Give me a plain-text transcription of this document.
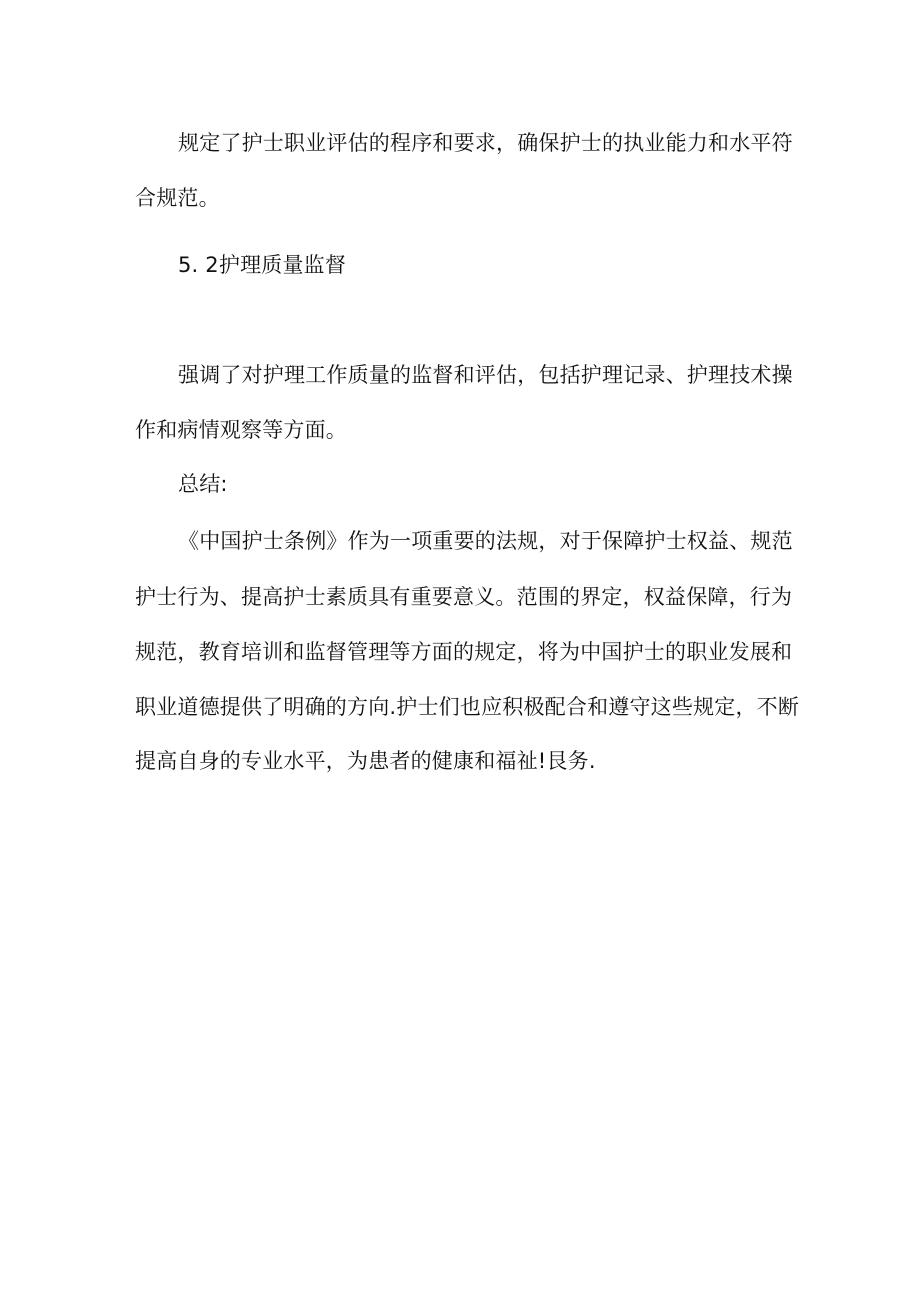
规定了护士职业评估的程序和要求，确保护士的执业能力和水平符
合规范。
5. 2护理质量监督
强调了对护理工作质量的监督和评估，包括护理记录、护理技术操
作和病情观察等方面。
总结:
《中国护士条例》作为一项重要的法规，对于保障护士权益、规范
护士行为、提高护士素质具有重要意义。范围的界定，权益保障，行为
规范，教育培训和监督管理等方面的规定，将为中国护士的职业发展和
职业道德提供了明确的方向.护士们也应积极配合和遵守这些规定，不断
提高自身的专业水平，为患者的健康和福祉!艮务.
